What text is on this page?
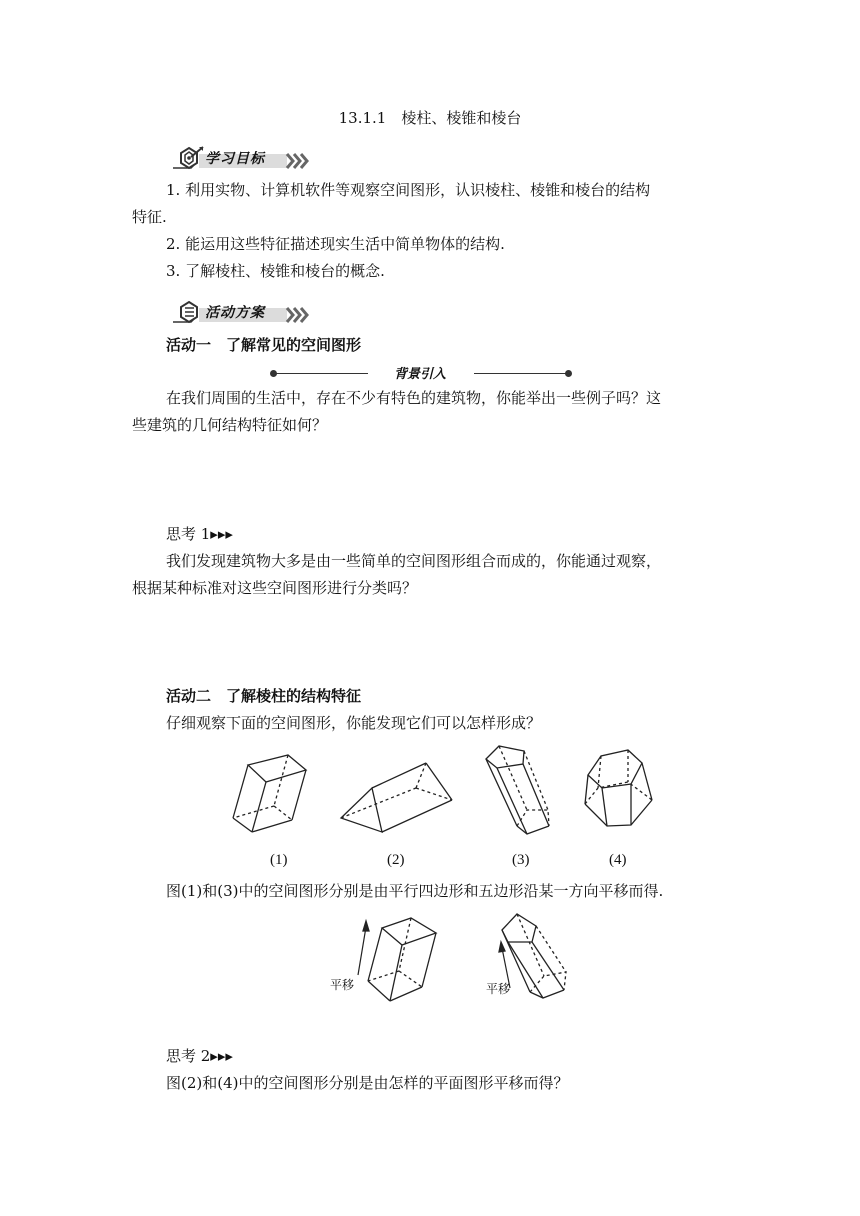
13.1.1　棱柱、棱锥和棱台
学习目标
1. 利用实物、计算机软件等观察空间图形，认识棱柱、棱锥和棱台的结构
特征.
2. 能运用这些特征描述现实生活中简单物体的结构.
3. 了解棱柱、棱锥和棱台的概念.
活动方案
活动一　了解常见的空间图形
背景引入
在我们周围的生活中，存在不少有特色的建筑物，你能举出一些例子吗？这
些建筑的几何结构特征如何？
思考 1▸▸▸
我们发现建筑物大多是由一些简单的空间图形组合而成的，你能通过观察，
根据某种标准对这些空间图形进行分类吗？
活动二　了解棱柱的结构特征
仔细观察下面的空间图形，你能发现它们可以怎样形成？
(1)	(2)	(3)	(4)
图(1)和(3)中的空间图形分别是由平行四边形和五边形沿某一方向平移而得.
平移	平移
思考 2▸▸▸
图(2)和(4)中的空间图形分别是由怎样的平面图形平移而得？
